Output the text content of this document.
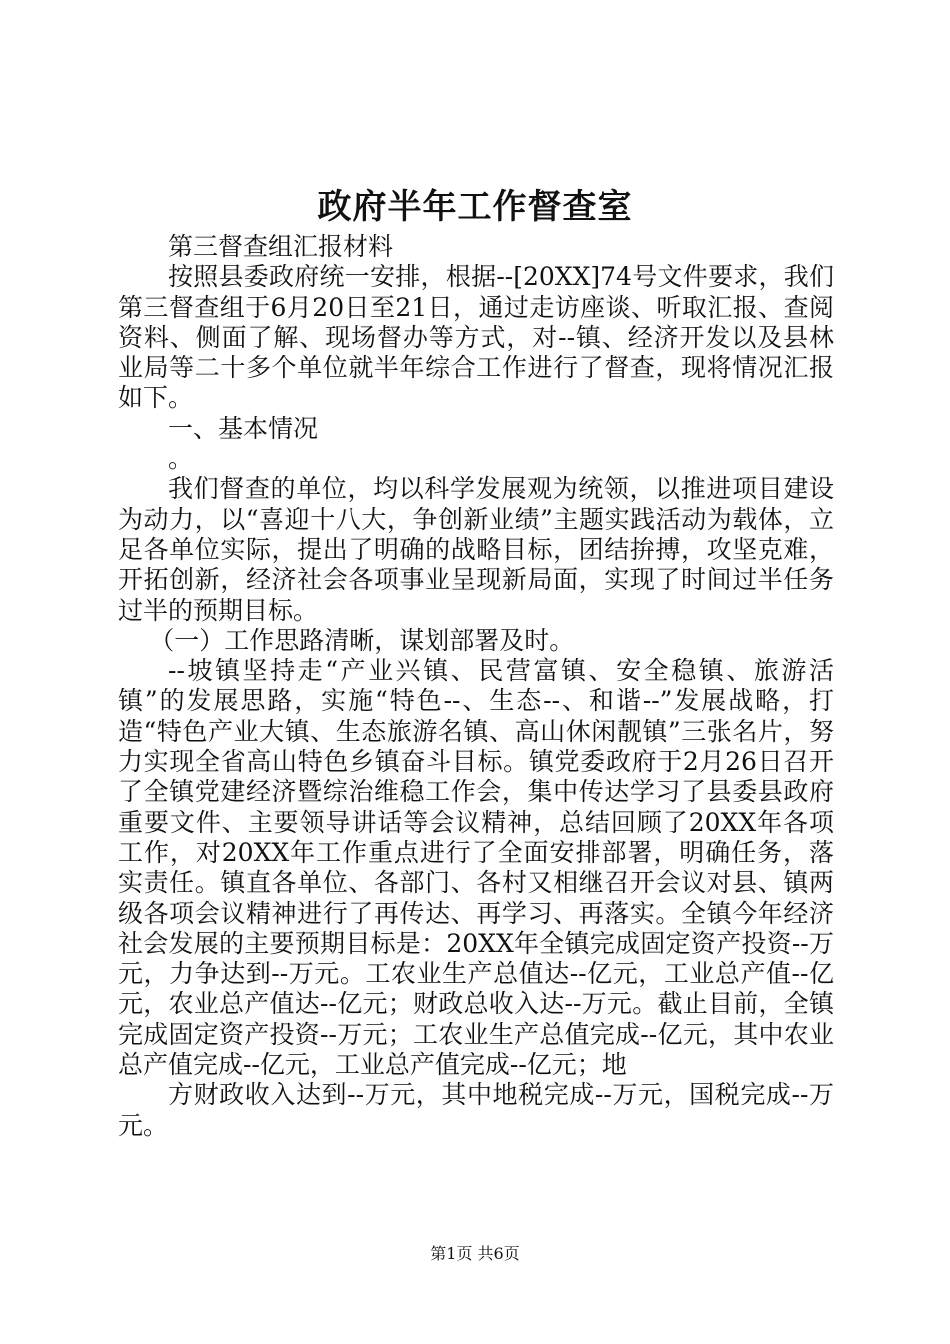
政府半年工作督查室

第三督查组汇报材料

按照县委政府统一安排，根据--[20XX]74号文件要求，我们第三督查组于6月20日至21日，通过走访座谈、听取汇报、查阅资料、侧面了解、现场督办等方式，对--镇、经济开发以及县林业局等二十多个单位就半年综合工作进行了督查，现将情况汇报如下。

一、基本情况

。

我们督查的单位，均以科学发展观为统领，以推进项目建设为动力，以“喜迎十八大，争创新业绩”主题实践活动为载体，立足各单位实际，提出了明确的战略目标，团结拚搏，攻坚克难，开拓创新，经济社会各项事业呈现新局面，实现了时间过半任务过半的预期目标。

（一）工作思路清晰，谋划部署及时。

--坡镇坚持走“产业兴镇、民营富镇、安全稳镇、旅游活镇”的发展思路，实施“特色--、生态--、和谐--”发展战略，打造“特色产业大镇、生态旅游名镇、高山休闲靓镇”三张名片，努力实现全省高山特色乡镇奋斗目标。镇党委政府于2月26日召开了全镇党建经济暨综治维稳工作会，集中传达学习了县委县政府重要文件、主要领导讲话等会议精神，总结回顾了20XX年各项工作，对20XX年工作重点进行了全面安排部署，明确任务，落实责任。镇直各单位、各部门、各村又相继召开会议对县、镇两级各项会议精神进行了再传达、再学习、再落实。全镇今年经济社会发展的主要预期目标是：20XX年全镇完成固定资产投资--万元，力争达到--万元。工农业生产总值达--亿元，工业总产值--亿元，农业总产值达--亿元；财政总收入达--万元。截止目前，全镇完成固定资产投资--万元；工农业生产总值完成--亿元，其中农业总产值完成--亿元，工业总产值完成--亿元；地

方财政收入达到--万元，其中地税完成--万元，国税完成--万元。

第1页 共6页
